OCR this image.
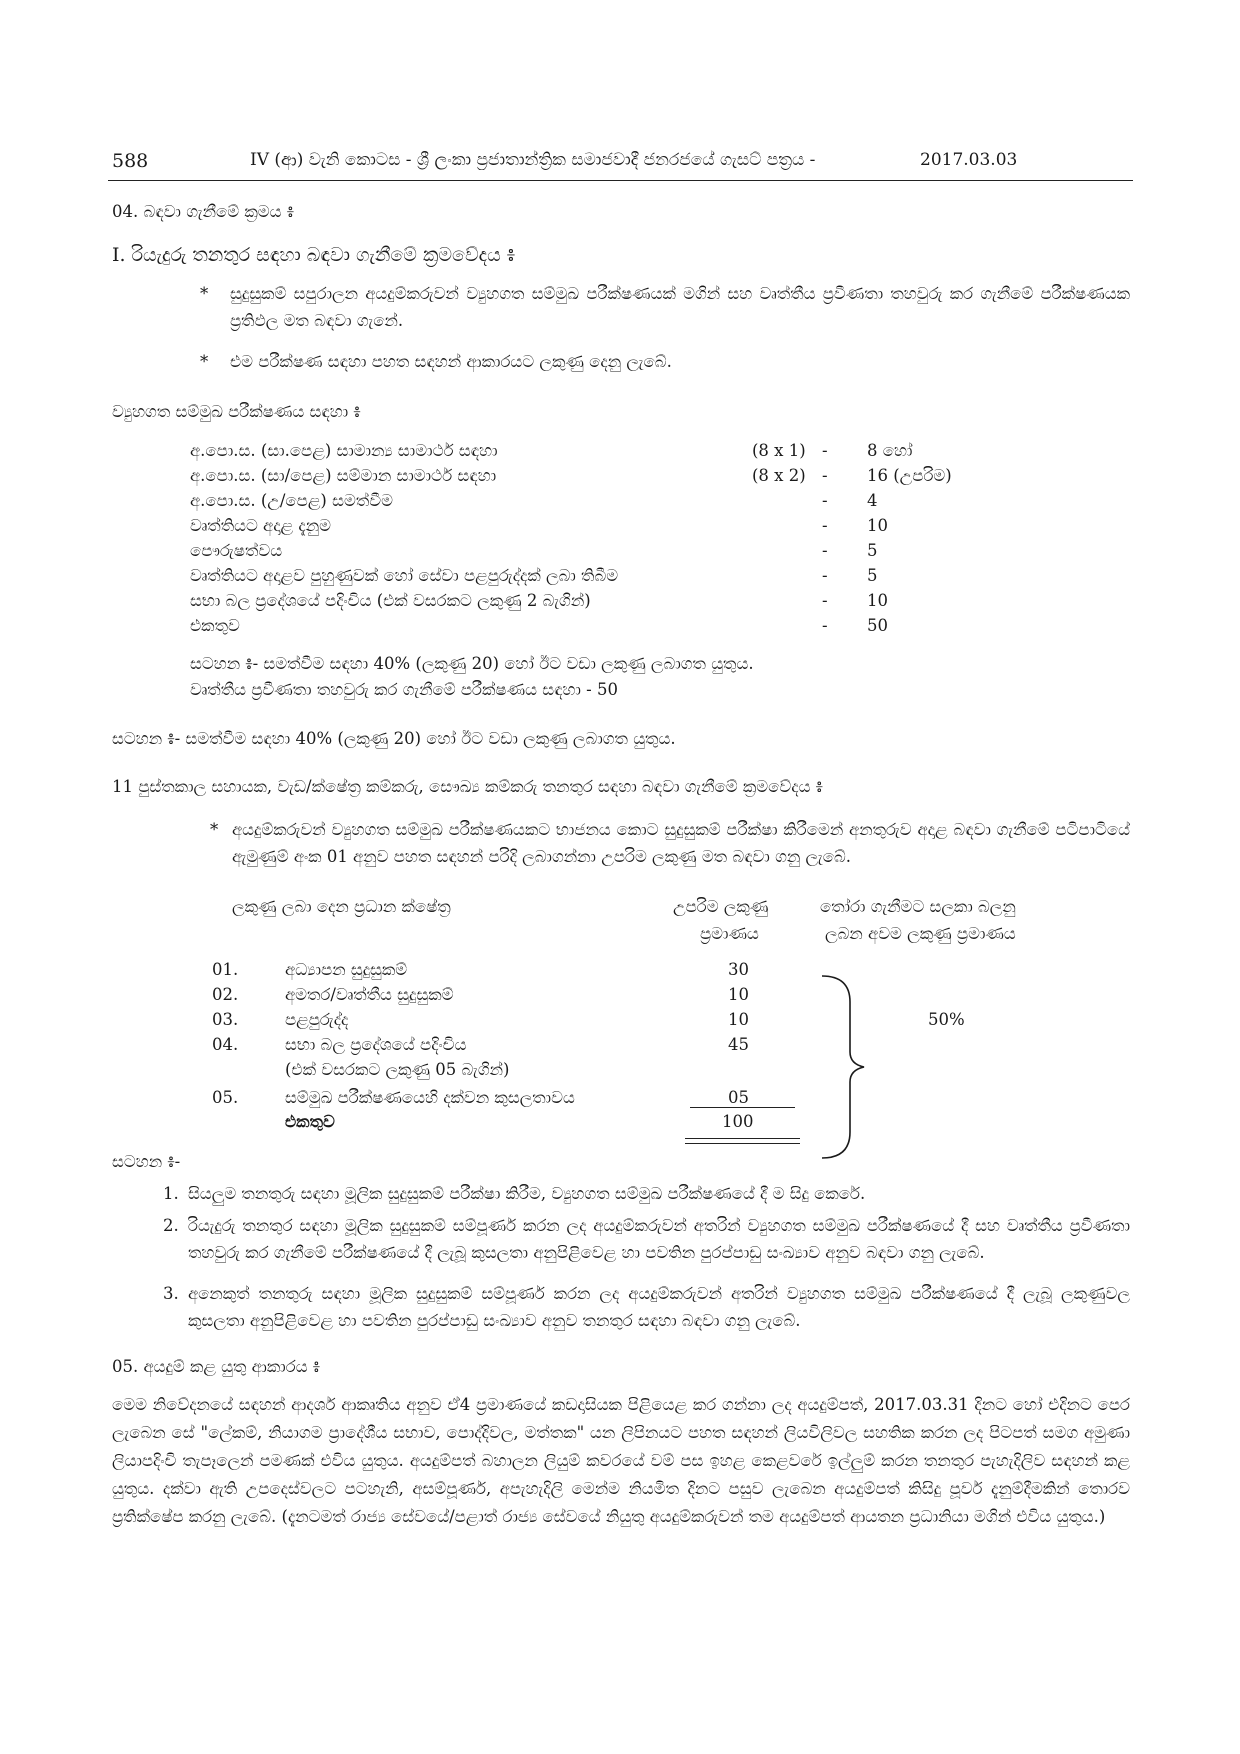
588	IV (ආ) වැනි කොටස - ශ්‍රී ලංකා ප්‍රජාතාන්ත්‍රික සමාජවාදී ජනරජයේ ගැසට් පත්‍රය -	2017.03.03
04. බඳවා ගැනීමේ ක්‍රමය ៖
I. රියැදුරු තනතුර සඳහා බඳවා ගැනීමේ ක්‍රමවේදය ៖
* සුදුසුකම් සපුරාලන අයදුම්කරුවන් ව්‍යුහගත සම්මුඛ පරීක්ෂණයක් මගින් සහ වෘත්තීය ප්‍රවීණතා තහවුරු කර ගැනීමේ පරීක්ෂණයක ප්‍රතිඵල මත බඳවා ගැනේ.
* එම පරීක්ෂණ සඳහා පහත සඳහන් ආකාරයට ලකුණු දෙනු ලැබේ.
ව්‍යුහගත සම්මුඛ පරීක්ෂණය සඳහා ៖
අ.පො.ස. (සා.පෙළ) සාමාන්‍ය සාමාර්ථ සඳහා	(8 x 1) - 8 හෝ
අ.පො.ස. (සා/පෙළ) සම්මාන සාමාර්ථ සඳහා	(8 x 2) - 16 (උපරිම)
අ.පො.ස. (උ/පෙළ) සමත්වීම	- 4
වෘත්තියට අදාළ දැනුම	- 10
පෞරුෂත්වය	- 5
වෘත්තියට අදාළව පුහුණුවක් හෝ සේවා පළපුරුද්දක් ලබා තිබීම	- 5
සභා බල ප්‍රදේශයේ පදිංචිය (එක් වසරකට ලකුණු 2 බැගින්)	- 10
එකතුව	- 50
සටහන ៖- සමත්වීම සඳහා 40% (ලකුණු 20) හෝ ඊට වඩා ලකුණු ලබාගත යුතුය.
වෘත්තීය ප්‍රවීණතා තහවුරු කර ගැනීමේ පරීක්ෂණය සඳහා - 50
සටහන ៖- සමත්වීම සඳහා 40% (ලකුණු 20) හෝ ඊට වඩා ලකුණු ලබාගත යුතුය.
11 පුස්තකාල සහායක, වැඩ/ක්ෂේත්‍ර කම්කරු, සෞඛ්‍ය කම්කරු තනතුර සඳහා බඳවා ගැනීමේ ක්‍රමවේදය ៖
* අයදුම්කරුවන් ව්‍යුහගත සම්මුඛ පරීක්ෂණයකට භාජනය කොට සුදුසුකම් පරීක්ෂා කිරීමෙන් අනතුරුව අදාළ බඳවා ගැනීමේ පටිපාටියේ ඇමුණුම් අංක 01 අනුව පහත සඳහන් පරිදි ලබාගන්නා උපරිම ලකුණු මත බඳවා ගනු ලැබේ.
ලකුණු ලබා දෙන ප්‍රධාන ක්ෂේත්‍ර	උපරිම ලකුණු
ප්‍රමාණය
තෝරා ගැනීමට සලකා බලනු
ලබන අවම ලකුණු ප්‍රමාණය
01.	අධ්‍යාපන සුදුසුකම්	30
02.	අමතර/වෘත්තීය සුදුසුකම්	10
03.	පළපුරුද්ද	10
04.	සභා බල ප්‍රදේශයේ පදිංචිය	45
(එක් වසරකට ලකුණු 05 බැගින්)
05.	සම්මුඛ පරීක්ෂණයෙහි දක්වන කුසලතාවය	05
එකතුව	100
50%
සටහන ៖-
1. සියලුම තනතුරු සඳහා මූලික සුදුසුකම් පරීක්ෂා කිරීම, ව්‍යුහගත සම්මුඛ පරීක්ෂණයේ දී ම සිදු කෙරේ.
2. රියැදුරු තනතුර සඳහා මූලික සුදුසුකම් සම්පූර්ණ කරන ලද අයදුම්කරුවන් අතරින් ව්‍යුහගත සම්මුඛ පරීක්ෂණයේ දී සහ වෘත්තීය ප්‍රවීණතා තහවුරු කර ගැනීමේ පරීක්ෂණයේ දී ලැබූ කුසලතා අනුපිළිවෙළ හා පවතින පුරප්පාඩු සංඛ්‍යාව අනුව බඳවා ගනු ලැබේ.
3. අනෙකුත් තනතුරු සඳහා මූලික සුදුසුකම් සම්පූර්ණ කරන ලද අයදුම්කරුවන් අතරින් ව්‍යුහගත සම්මුඛ පරීක්ෂණයේ දී ලැබූ ලකුණුවල කුසලතා අනුපිළිවෙළ හා පවතින පුරප්පාඩු සංඛ්‍යාව අනුව තනතුර සඳහා බඳවා ගනු ලැබේ.
05. අයදුම් කළ යුතු ආකාරය ៖
මෙම නිවේදනයේ සඳහන් ආදර්ශ ආකෘතිය අනුව ඒ4 ප්‍රමාණයේ කඩදාසියක පිළියෙළ කර ගන්නා ලද අයදුම්පත්, 2017.03.31 දිනට හෝ එදිනට පෙර ලැබෙන සේ "ලේකම්, නියාගම ප්‍රාදේශීය සභාව, පොද්දිවල, මත්තක" යන ලිපිනයට පහත සඳහන් ලියවිලිවල සහතික කරන ලද පිටපත් සමග අමුණා ලියාපදිංචි තැපෑලෙන් පමණක් එවිය යුතුය. අයදුම්පත් බහාලන ලියුම් කවරයේ වම් පස ඉහළ කෙළවරේ ඉල්ලුම් කරන තනතුර පැහැදිලිව සඳහන් කළ යුතුය. දක්වා ඇති උපදෙස්වලට පටහැනි, අසම්පූර්ණ, අපැහැදිලි මෙන්ම නියමිත දිනට පසුව ලැබෙන අයදුම්පත් කිසිදු පූර්ව දැනුම්දීමකින් තොරව ප්‍රතික්ෂේප කරනු ලැබේ. (දැනටමත් රාජ්‍ය සේවයේ/පළාත් රාජ්‍ය සේවයේ නියුතු අයදුම්කරුවන් තම අයදුම්පත් ආයතන ප්‍රධානියා මගින් එවිය යුතුය.)
